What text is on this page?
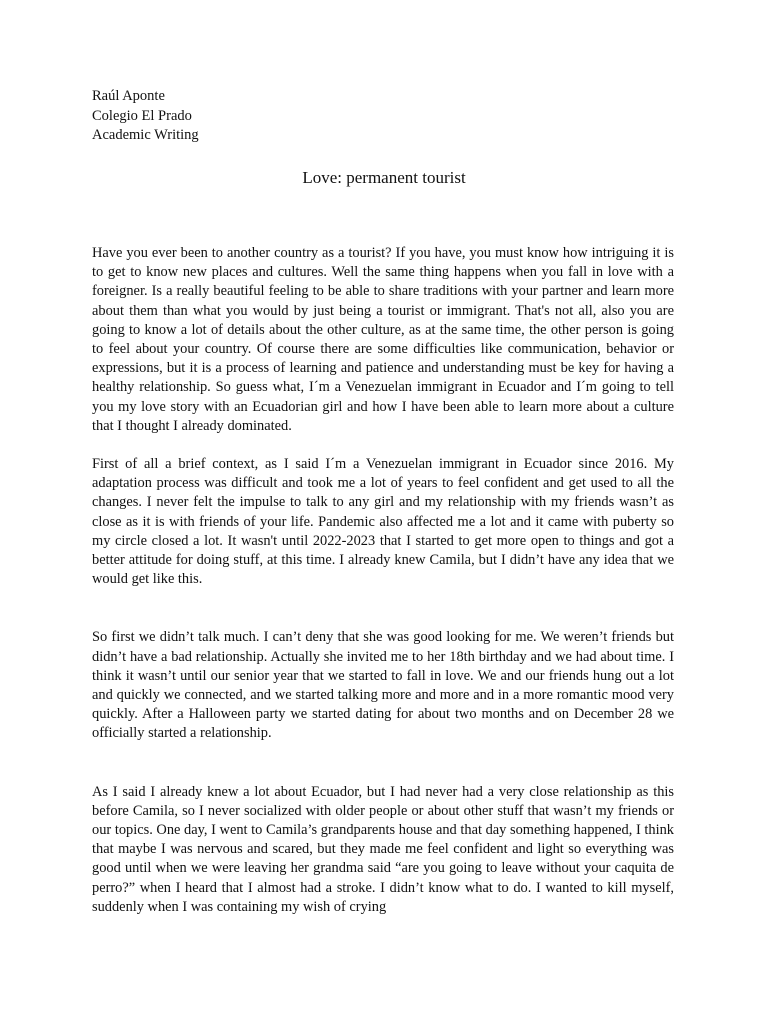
Raúl Aponte
Colegio El Prado
Academic Writing
Love: permanent tourist

Have you ever been to another country as a tourist? If you have, you must know how intriguing it is to get to know new places and cultures. Well the same thing happens when you fall in love with a foreigner. Is a really beautiful feeling to be able to share traditions with your partner and learn more about them than what you would by just being a tourist or immigrant. That's not all, also you are going to know a lot of details about the other culture, as at the same time, the other person is going to feel about your country. Of course there are some difficulties like communication, behavior or expressions, but it is a process of learning and patience and understanding must be key for having a healthy relationship. So guess what, I´m a Venezuelan immigrant in Ecuador and I´m going to tell you my love story with an Ecuadorian girl and how I have been able to learn more about a culture that I thought I already dominated.

First of all a brief context, as I said I´m a Venezuelan immigrant in Ecuador since 2016. My adaptation process was difficult and took me a lot of years to feel confident and get used to all the changes. I never felt the impulse to talk to any girl and my relationship with my friends wasn’t as close as it is with friends of your life. Pandemic also affected me a lot and it came with puberty so my circle closed a lot. It wasn't until 2022-2023 that I started to get more open to things and got a better attitude for doing stuff, at this time. I already knew Camila, but I didn’t have any idea that we would get like this.

So first we didn’t talk much. I can’t deny that she was good looking for me. We weren’t friends but didn’t have a bad relationship. Actually she invited me to her 18th birthday and we had about time. I think it wasn’t until our senior year that we started to fall in love. We and our friends hung out a lot and quickly we connected, and we started talking more and more and in a more romantic mood very quickly. After a Halloween party we started dating for about two months and on December 28 we officially started a relationship.

As I said I already knew a lot about Ecuador, but I had never had a very close relationship as this before Camila, so I never socialized with older people or about other stuff that wasn’t my friends or our topics. One day, I went to Camila’s grandparents house and that day something happened, I think that maybe I was nervous and scared, but they made me feel confident and light so everything was good until when we were leaving her grandma said “are you going to leave without your caquita de perro?” when I heard that I almost had a stroke. I didn’t know what to do. I wanted to kill myself, suddenly when I was containing my wish of crying
